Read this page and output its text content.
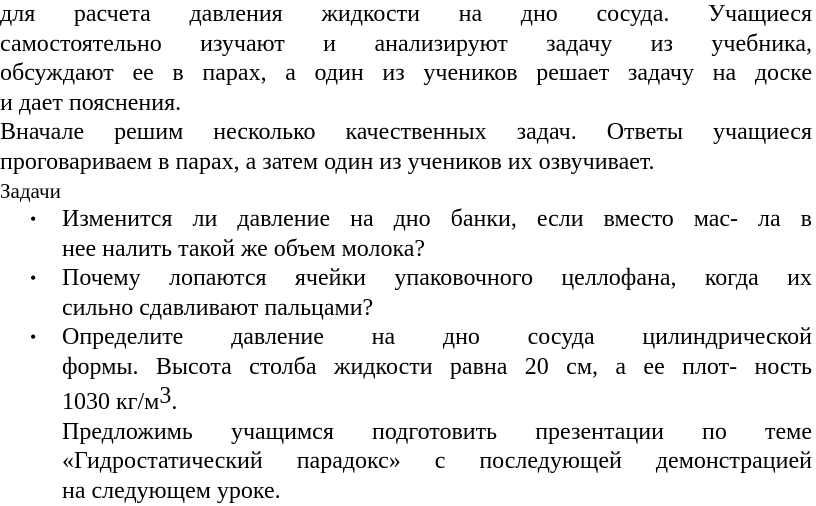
для расчета давления жидкости на дно сосуда. Учащиеся

самостоятельно изучают и анализируют задачу из учебника,

обсуждают ее в парах, а один из учеников решает задачу на доске

и дает пояснения.

Вначале решим несколько качественных задач. Ответы учащиеся

проговариваем в парах, а затем один из учеников их озвучивает.

Задачи

• Изменится ли давление на дно банки, если вместо мас- ла в

нее налить такой же объем молока?

• Почему лопаются ячейки упаковочного целлофана, когда их

сильно сдавливают пальцами?

• Определите давление на дно сосуда цилиндрической

формы. Высота столба жидкости равна 20 см, а ее плот- ность

1030 кг/м3.

Предложимь учащимся подготовить презентации по теме

«Гидростатический парадокс» с последующей демонстрацией

на следующем уроке.
